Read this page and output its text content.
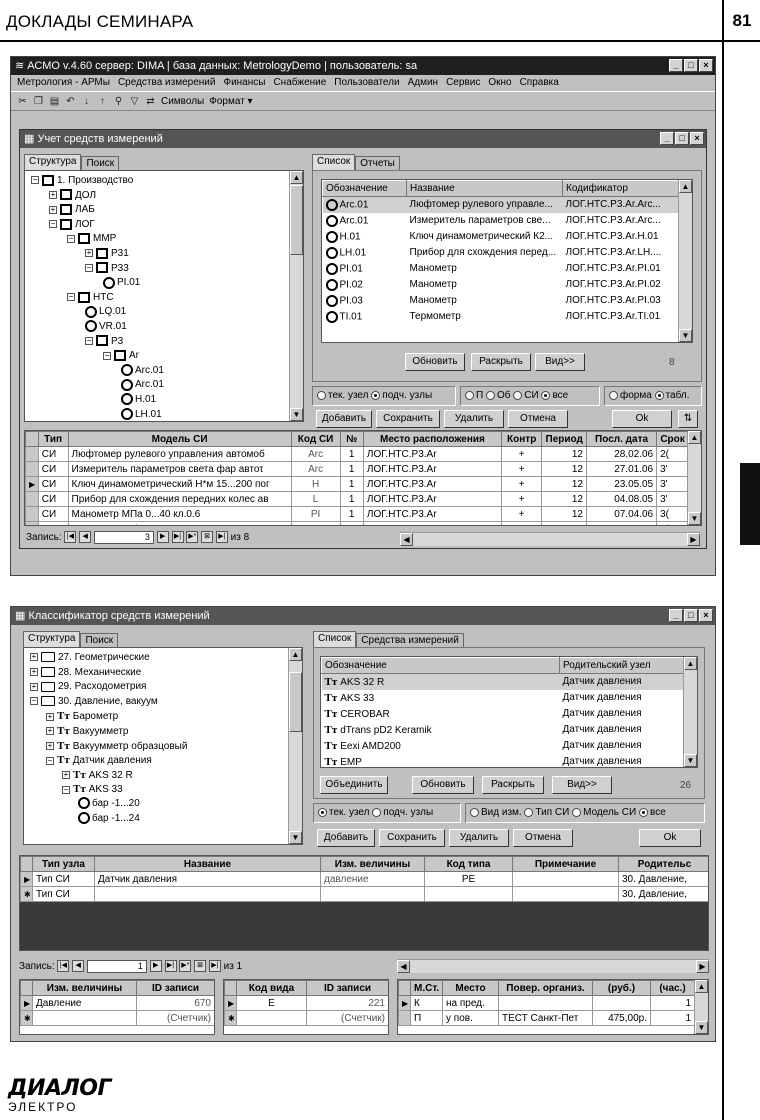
ДОКЛАДЫ СЕМИНАРА	81
≋ АСМО v.4.60 сервер: DIMA | база данных: MetrologyDemo | пользователь: sa	_	□	×
Метрология - АРМы Средства измерений Финансы Снабжение Пользователи Админ Сервис Окно Справка
✂ ❐ ▤ ↶ ↓	↑ ⚲ ▽ ⇄ Символы Формат ▾
▦ Учет средств измерений	_	□	×
Структура	Поиск
▲
▼
− 1. Производство
+ ДОЛ
+ ЛАБ
− ЛОГ
− ММР
+ Р31
− Р33
PI.01
− НТС
LQ.01
VR.01
− Р3
− Ar
Arc.01
Arc.01
H.01
LH.01
Список	Отчеты
Обозначение	Название	Кодификатор
Arc.01	Люфтомер рулевого управле...	ЛОГ.НТС.Р3.Ar.Arc...
Arc.01	Измеритель параметров све...	ЛОГ.НТС.Р3.Ar.Arc...
H.01	Ключ динамометрический К2...	ЛОГ.НТС.Р3.Ar.H.01
LH.01	Прибор для схождения перед...	ЛОГ.НТС.Р3.Ar.LH....
PI.01	Манометр	ЛОГ.НТС.Р3.Ar.PI.01
PI.02	Манометр	ЛОГ.НТС.Р3.Ar.PI.02
PI.03	Манометр	ЛОГ.НТС.Р3.Ar.PI.03
TI.01	Термометр	ЛОГ.НТС.Р3.Ar.TI.01
▲
▼
Обновить	Раскрыть	Вид>>	8
тек. узел подч. узлы	П Об СИ все	форма табл.
Добавить	Сохранить	Удалить	Отмена	Ok	⇅
	Тип	Модель СИ	Код СИ	№	Место расположения	Контр	Период	Посл. дата	Срок
	СИ	Люфтомер рулевого управления автомоб	Arc	1	ЛОГ.НТС.Р3.Ar	+	12	28.02.06	2(
	СИ	Измеритель параметров света фар автоτ	Arc	1	ЛОГ.НТС.Р3.Ar	+	12	27.01.06	3'
▶	СИ	Ключ динамометрический Н*м 15...200 пог	H	1	ЛОГ.НТС.Р3.Ar	+	12	23.05.05	3'
	СИ	Прибор для схождения передних колес ав	L	1	ЛОГ.НТС.Р3.Ar	+	12	04.08.05	3'
	СИ	Манометр МПа 0...40 кл.0.6	PI	1	ЛОГ.НТС.Р3.Ar	+	12	07.04.06	3(

▲
▼
Запись: |◀ ◀	3 ▶ ▶| ▶* ⊠ ▶| из 8	◀	▶
▦ Классификатор средств измерений	_	□	×
Структура	Поиск
▲
▼
+ 27. Геометрические
+ 28. Механические
+ 29. Расходометрия
− 30. Давление, вакуум
+ Tт Барометр
+ Tт Вакуумметр
+ Tт Вакуумметр образцовый
− Tт Датчик давления
+ Tт AKS 32 R
− Tт AKS 33
бар -1...20
бар -1...24
Список	Средства измерений
Обозначение	Родительский узел
Tт AKS 32 R	Датчик давления
Tт AKS 33	Датчик давления
Tт CEROBAR	Датчик давления
Tт dTrans pD2 Keramik	Датчик давления
Tт Eexi AMD200	Датчик давления
Tт EMP	Датчик давления
▲
▼
Объединить	Обновить	Раскрыть	Вид>>	26
тек. узел подч. узлы	Вид изм. Тип СИ Модель СИ все
Добавить	Сохранить	Удалить	Отмена	Ok
	Тип узла	Название	Изм. величины	Код типа	Примечание	Родительс
▶	Тип СИ	Датчик давления	давление	PE		30. Давление,
✱	Тип СИ					30. Давление,
Запись: |◀ ◀	1 ▶ ▶| ▶* ⊠ ▶| из 1	◀	▶
	Изм. величины	ID записи
▶	Давление	670
✱		(Счетчик)
	Код вида	ID записи
▶	E	221
✱		(Счетчик)
	М.Ст.	Место	Повер. организ.	(руб.)	(час.)
▶	К	на пред.			1
	П	у пов.	ТЕСТ Санкт-Пет	475,00р.	1
▲
▼
ДИАЛОГ
ЭЛЕКТРО
